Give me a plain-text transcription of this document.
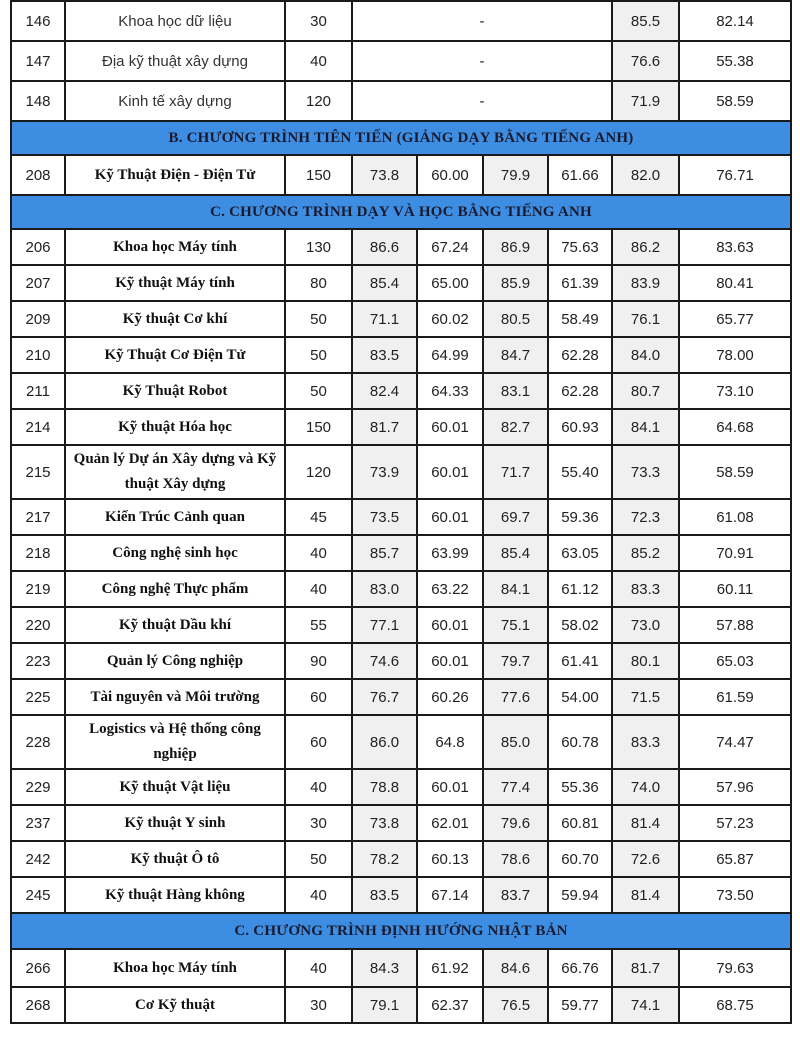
146	Khoa học dữ liệu	30	-				85.5	82.14
147	Địa kỹ thuật xây dựng	40	-				76.6	55.38
148	Kinh tế xây dựng	120	-				71.9	58.59
B. CHƯƠNG TRÌNH TIÊN TIẾN (GIẢNG DẠY BẰNG TIẾNG ANH)								
208	Kỹ Thuật Điện - Điện Tử	150	73.8	60.00	79.9	61.66	82.0	76.71
C. CHƯƠNG TRÌNH DẠY VÀ HỌC BẰNG TIẾNG ANH								
206	Khoa học Máy tính	130	86.6	67.24	86.9	75.63	86.2	83.63
207	Kỹ thuật Máy tính	80	85.4	65.00	85.9	61.39	83.9	80.41
209	Kỹ thuật Cơ khí	50	71.1	60.02	80.5	58.49	76.1	65.77
210	Kỹ Thuật Cơ Điện Tử	50	83.5	64.99	84.7	62.28	84.0	78.00
211	Kỹ Thuật Robot	50	82.4	64.33	83.1	62.28	80.7	73.10
214	Kỹ thuật Hóa học	150	81.7	60.01	82.7	60.93	84.1	64.68
215	Quản lý Dự án Xây dựng và Kỹ thuật Xây dựng	120	73.9	60.01	71.7	55.40	73.3	58.59
217	Kiến Trúc Cảnh quan	45	73.5	60.01	69.7	59.36	72.3	61.08
218	Công nghệ sinh học	40	85.7	63.99	85.4	63.05	85.2	70.91
219	Công nghệ Thực phẩm	40	83.0	63.22	84.1	61.12	83.3	60.11
220	Kỹ thuật Dầu khí	55	77.1	60.01	75.1	58.02	73.0	57.88
223	Quản lý Công nghiệp	90	74.6	60.01	79.7	61.41	80.1	65.03
225	Tài nguyên và Môi trường	60	76.7	60.26	77.6	54.00	71.5	61.59
228	Logistics và Hệ thống công nghiệp	60	86.0	64.8	85.0	60.78	83.3	74.47
229	Kỹ thuật Vật liệu	40	78.8	60.01	77.4	55.36	74.0	57.96
237	Kỹ thuật Y sinh	30	73.8	62.01	79.6	60.81	81.4	57.23
242	Kỹ thuật Ô tô	50	78.2	60.13	78.6	60.70	72.6	65.87
245	Kỹ thuật Hàng không	40	83.5	67.14	83.7	59.94	81.4	73.50
C. CHƯƠNG TRÌNH ĐỊNH HƯỚNG NHẬT BẢN								
266	Khoa học Máy tính	40	84.3	61.92	84.6	66.76	81.7	79.63
268	Cơ Kỹ thuật	30	79.1	62.37	76.5	59.77	74.1	68.75
